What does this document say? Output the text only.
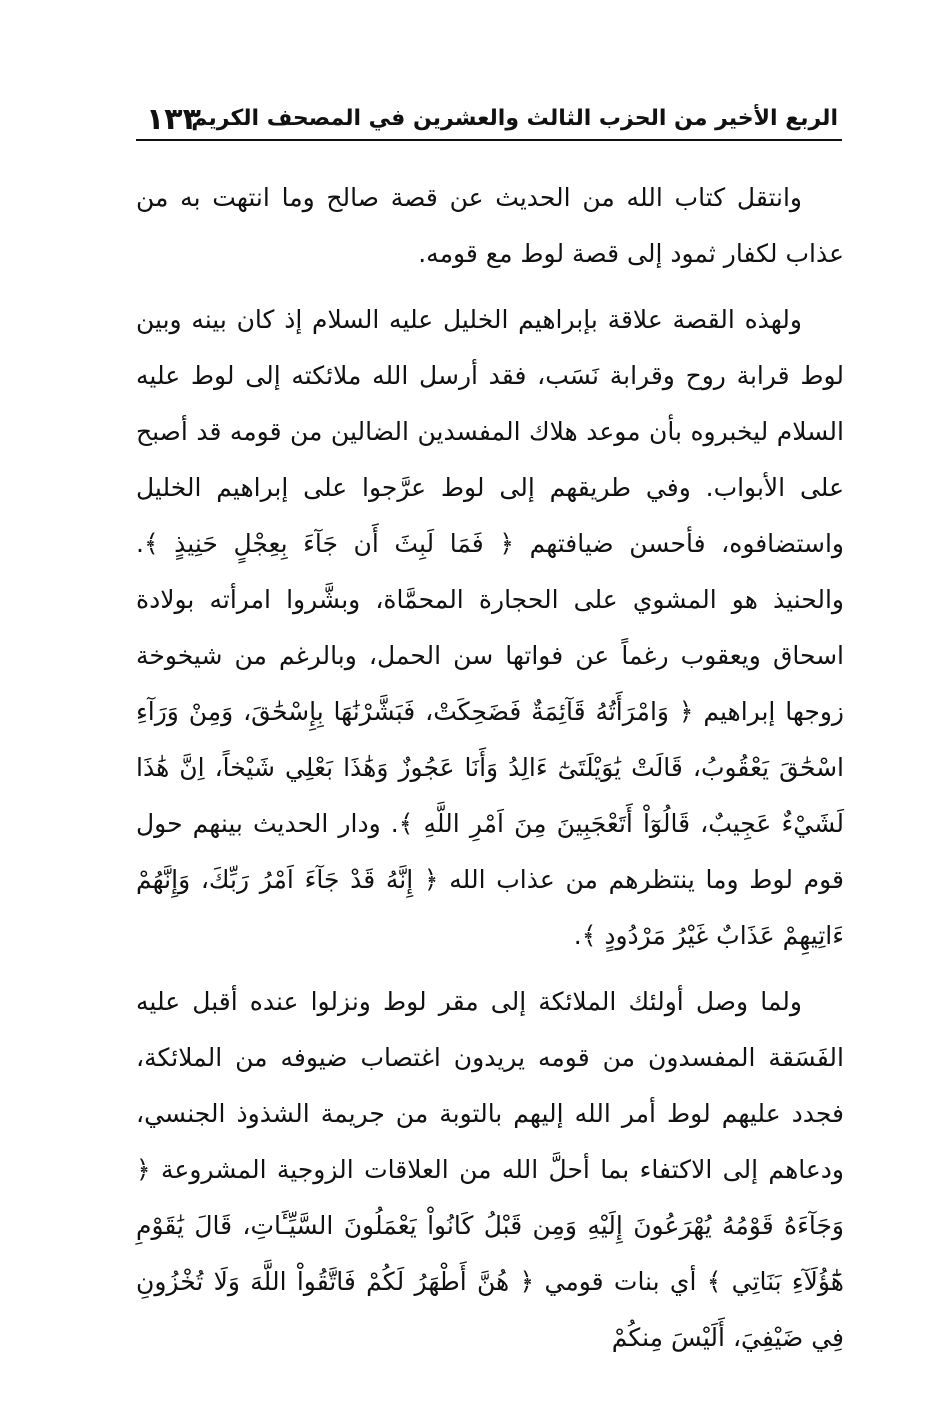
الربع الأخير من الحزب الثالث والعشرين في المصحف الكريم
١٣٣

وانتقل كتاب الله من الحديث عن قصة صالح وما انتهت به من عذاب لكفار ثمود إلى قصة لوط مع قومه.

ولهذه القصة علاقة بإبراهيم الخليل عليه السلام إذ كان بينه وبين لوط قرابة روح وقرابة نَسَب، فقد أرسل الله ملائكته إلى لوط عليه السلام ليخبروه بأن موعد هلاك المفسدين الضالين من قومه قد أصبح على الأبواب. وفي طريقهم إلى لوط عرَّجوا على إبراهيم الخليل واستضافوه، فأحسن ضيافتهم ﴿ فَمَا لَبِثَ أَن جَآءَ بِعِجْلٍ حَنِيذٍ ﴾. والحنيذ هو المشوي على الحجارة المحمَّاة، وبشَّروا امرأته بولادة اسحاق ويعقوب رغماً عن فواتها سن الحمل، وبالرغم من شيخوخة زوجها إبراهيم ﴿ وَامْرَأَتُهُ قَآئِمَةٌ فَضَحِكَتْ، فَبَشَّرْنَٰهَا بِإِسْحَٰقَ، وَمِنْ وَرَآءِ اسْحَٰقَ يَعْقُوبُ، قَالَتْ يَٰوَيْلَتَىٰٓ ءَالِدُ وَأَنَا عَجُوزٌ وَهَٰذَا بَعْلِي شَيْخاً، اِنَّ هَٰذَا لَشَيْءٌ عَجِيبٌ، قَالُوٓاْ أَتَعْجَبِينَ مِنَ اَمْرِ اللَّهِ ﴾. ودار الحديث بينهم حول قوم لوط وما ينتظرهم من عذاب الله ﴿ إِنَّهُ قَدْ جَآءَ اَمْرُ رَبِّكَ، وَإِنَّهُمْ ءَاتِيهِمْ عَذَابٌ غَيْرُ مَرْدُودٍ ﴾.

ولما وصل أولئك الملائكة إلى مقر لوط ونزلوا عنده أقبل عليه الفَسَقة المفسدون من قومه يريدون اغتصاب ضيوفه من الملائكة، فجدد عليهم لوط أمر الله إليهم بالتوبة من جريمة الشذوذ الجنسي، ودعاهم إلى الاكتفاء بما أحلَّ الله من العلاقات الزوجية المشروعة ﴿ وَجَآءَهُ قَوْمُهُ يُهْرَعُونَ إِلَيْهِ وَمِن قَبْلُ كَانُواْ يَعْمَلُونَ السَّيِّـَٔاتِ، قَالَ يَٰقَوْمِ هَٰٓؤُلَآءِ بَنَاتِي ﴾ أي بنات قومي ﴿ هُنَّ أَطْهَرُ لَكُمْ فَاتَّقُواْ اللَّهَ وَلَا تُخْزُونِ فِي ضَيْفِيَ، أَلَيْسَ مِنكُمْ
